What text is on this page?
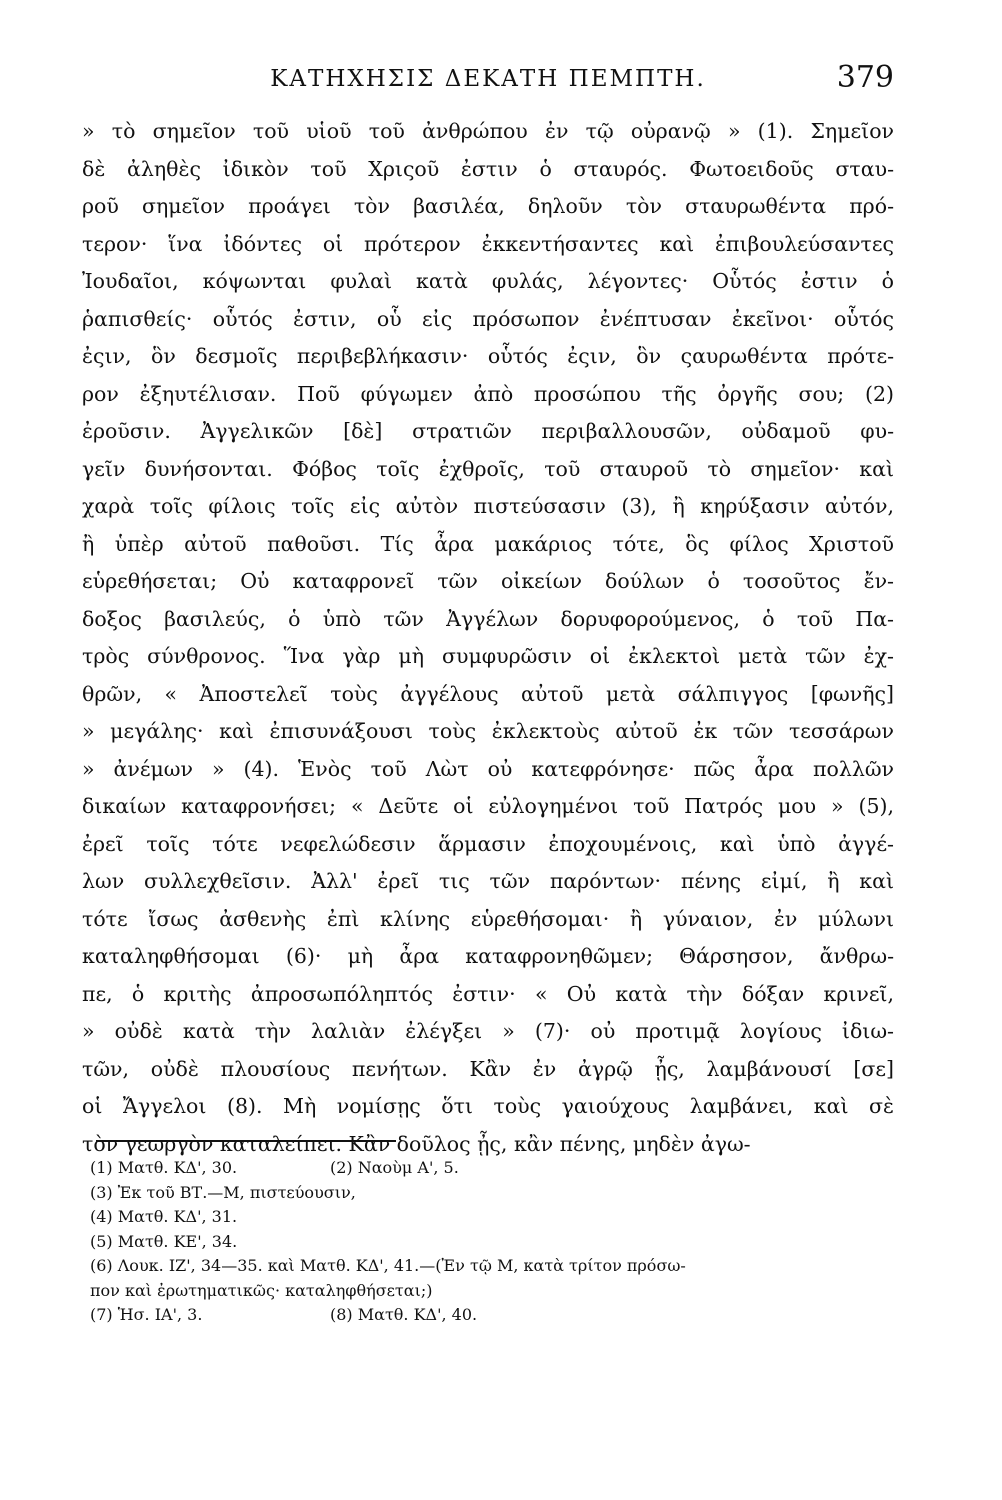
ΚΑΤΗΧΗΣΙΣ ΔΕΚΑΤΗ ΠΕΜΠΤΗ.	379
» τὸ σημεῖον τοῦ υἱοῦ τοῦ ἀνθρώπου ἐν τῷ οὐρανῷ » (1). Σημεῖον
δὲ ἀληθὲς ἰδικὸν τοῦ Χριςοῦ ἐστιν ὁ σταυρός. Φωτοειδοῦς σταυ-
ροῦ σημεῖον προάγει τὸν βασιλέα, δηλοῦν τὸν σταυρωθέντα πρό-
τερον· ἵνα ἰδόντες οἱ πρότερον ἐκκεντήσαντες καὶ ἐπιβουλεύσαντες
Ἰουδαῖοι, κόψωνται φυλαὶ κατὰ φυλάς, λέγοντες· Οὗτός ἐστιν ὁ
ῥαπισθείς· οὗτός ἐστιν, οὗ εἰς πρόσωπον ἐνέπτυσαν ἐκεῖνοι· οὗτός
ἐςιν, ὃν δεσμοῖς περιβεβλήκασιν· οὗτός ἐςιν, ὃν ςαυρωθέντα πρότε-
ρον ἐξηυτέλισαν. Ποῦ φύγωμεν ἀπὸ προσώπου τῆς ὀργῆς σου; (2)
ἐροῦσιν. Ἀγγελικῶν [δὲ] στρατιῶν περιβαλλουσῶν, οὐδαμοῦ φυ-
γεῖν δυνήσονται. Φόβος τοῖς ἐχθροῖς, τοῦ σταυροῦ τὸ σημεῖον· καὶ
χαρὰ τοῖς φίλοις τοῖς εἰς αὐτὸν πιστεύσασιν (3), ἢ κηρύξασιν αὐτόν,
ἢ ὑπὲρ αὐτοῦ παθοῦσι. Τίς ἆρα μακάριος τότε, ὃς φίλος Χριστοῦ
εὑρεθήσεται; Οὐ καταφρονεῖ τῶν οἰκείων δούλων ὁ τοσοῦτος ἔν-
δοξος βασιλεύς, ὁ ὑπὸ τῶν Ἀγγέλων δορυφορούμενος, ὁ τοῦ Πα-
τρὸς σύνθρονος. Ἵνα γὰρ μὴ συμφυρῶσιν οἱ ἐκλεκτοὶ μετὰ τῶν ἐχ-
θρῶν, « Ἀποστελεῖ τοὺς ἀγγέλους αὐτοῦ μετὰ σάλπιγγος [φωνῆς]
» μεγάλης· καὶ ἐπισυνάξουσι τοὺς ἐκλεκτοὺς αὐτοῦ ἐκ τῶν τεσσάρων
» ἀνέμων » (4). Ἑνὸς τοῦ Λὼτ οὐ κατεφρόνησε· πῶς ἆρα πολλῶν
δικαίων καταφρονήσει; « Δεῦτε οἱ εὐλογημένοι τοῦ Πατρός μου » (5),
ἐρεῖ τοῖς τότε νεφελώδεσιν ἅρμασιν ἐποχουμένοις, καὶ ὑπὸ ἀγγέ-
λων συλλεχθεῖσιν. Ἀλλ' ἐρεῖ τις τῶν παρόντων· πένης εἰμί, ἢ καὶ
τότε ἴσως ἀσθενὴς ἐπὶ κλίνης εὑρεθήσομαι· ἢ γύναιον, ἐν μύλωνι
καταληφθήσομαι (6)· μὴ ἆρα καταφρονηθῶμεν; Θάρσησον, ἄνθρω-
πε, ὁ κριτὴς ἀπροσωπόληπτός ἐστιν· « Οὐ κατὰ τὴν δόξαν κρινεῖ,
» οὐδὲ κατὰ τὴν λαλιὰν ἐλέγξει » (7)· οὐ προτιμᾷ λογίους ἰδιω-
τῶν, οὐδὲ πλουσίους πενήτων. Κἂν ἐν ἀγρῷ ᾖς, λαμβάνουσί [σε]
οἱ Ἄγγελοι (8). Μὴ νομίσῃς ὅτι τοὺς γαιούχους λαμβάνει, καὶ σὲ
τὸν γεωργὸν καταλείπει. Κἂν δοῦλος ᾖς, κἂν πένης, μηδὲν ἀγω-
(1) Ματθ. ΚΔ', 30.	(2) Ναοὺμ Α', 5.
(3) Ἐκ τοῦ ΒΤ.—Μ, πιστεύουσιν,
(4) Ματθ. ΚΔ', 31.
(5) Ματθ. ΚΕ', 34.
(6) Λουκ. ΙΖ', 34—35. καὶ Ματθ. ΚΔ', 41.—(Ἐν τῷ Μ, κατὰ τρίτον πρόσω-
πον καὶ ἐρωτηματικῶς· καταληφθήσεται;)
(7) Ἡσ. ΙΑ', 3.	(8) Ματθ. ΚΔ', 40.
